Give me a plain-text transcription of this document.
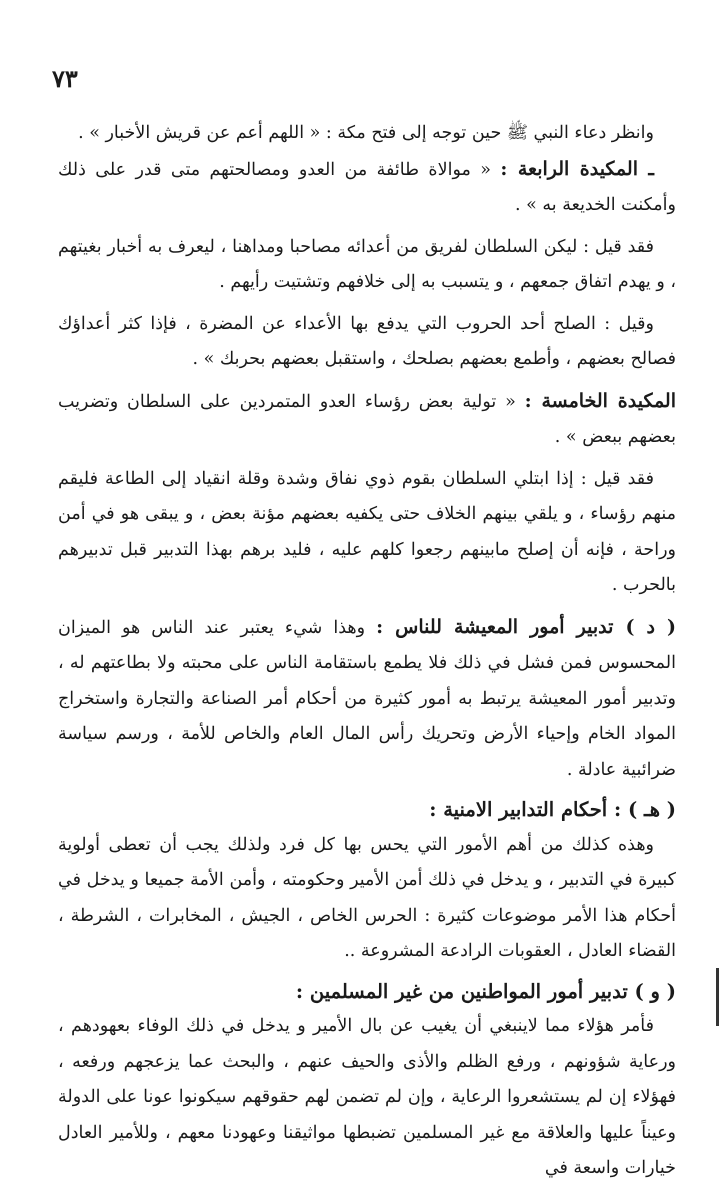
٧٣

وانظر دعاء النبي ﷺ حين توجه إلى فتح مكة : « اللهم أعم عن قريش الأخبار » .

ـ المكيدة الرابعة : « موالاة طائفة من العدو ومصالحتهم متى قدر على ذلك وأمكنت الخديعة به » .

فقد قيل : ليكن السلطان لفريق من أعدائه مصاحبا ومداهنا ، ليعرف به أخبار بغيتهم ، و يهدم اتفاق جمعهم ، و يتسبب به إلى خلافهم وتشتيت رأيهم .

وقيل : الصلح أحد الحروب التي يدفع بها الأعداء عن المضرة ، فإذا كثر أعداؤك فصالح بعضهم ، وأطمع بعضهم بصلحك ، واستقبل بعضهم بحربك » .

المكيدة الخامسة : « تولية بعض رؤساء العدو المتمردين على السلطان وتضريب بعضهم ببعض » .

فقد قيل : إذا ابتلي السلطان بقوم ذوي نفاق وشدة وقلة انقياد إلى الطاعة فليقم منهم رؤساء ، و يلقي بينهم الخلاف حتى يكفيه بعضهم مؤنة بعض ، و يبقى هو في أمن وراحة ، فإنه أن إصلح مابينهم رجعوا كلهم عليه ، فليد برهم بهذا التدبير قبل تدبيرهم بالحرب .

( د ) تدبير أمور المعيشة للناس : وهذا شيء يعتبر عند الناس هو الميزان المحسوس فمن فشل في ذلك فلا يطمع باستقامة الناس على محبته ولا بطاعتهم له ، وتدبير أمور المعيشة يرتبط به أمور كثيرة من أحكام أمر الصناعة والتجارة واستخراج المواد الخام وإحياء الأرض وتحريك رأس المال العام والخاص للأمة ، ورسم سياسة ضرائبية عادلة .

( هـ ) : أحكام التدابير الامنية :

وهذه كذلك من أهم الأمور التي يحس بها كل فرد ولذلك يجب أن تعطى أولوية كبيرة في التدبير ، و يدخل في ذلك أمن الأمير وحكومته ، وأمن الأمة جميعا و يدخل في أحكام هذا الأمر موضوعات كثيرة : الحرس الخاص ، الجيش ، المخابرات ، الشرطة ، القضاء العادل ، العقوبات الرادعة المشروعة ..

( و ) تدبير أمور المواطنين من غير المسلمين :

فأمر هؤلاء مما لاينبغي أن يغيب عن بال الأمير و يدخل في ذلك الوفاء بعهودهم ، ورعاية شؤونهم ، ورفع الظلم والأذى والحيف عنهم ، والبحث عما يزعجهم ورفعه ، فهؤلاء إن لم يستشعروا الرعاية ، وإن لم تضمن لهم حقوقهم سيكونوا عونا على الدولة وعيناً عليها والعلاقة مع غير المسلمين تضبطها مواثيقنا وعهودنا معهم ، وللأمير العادل خيارات واسعة في
